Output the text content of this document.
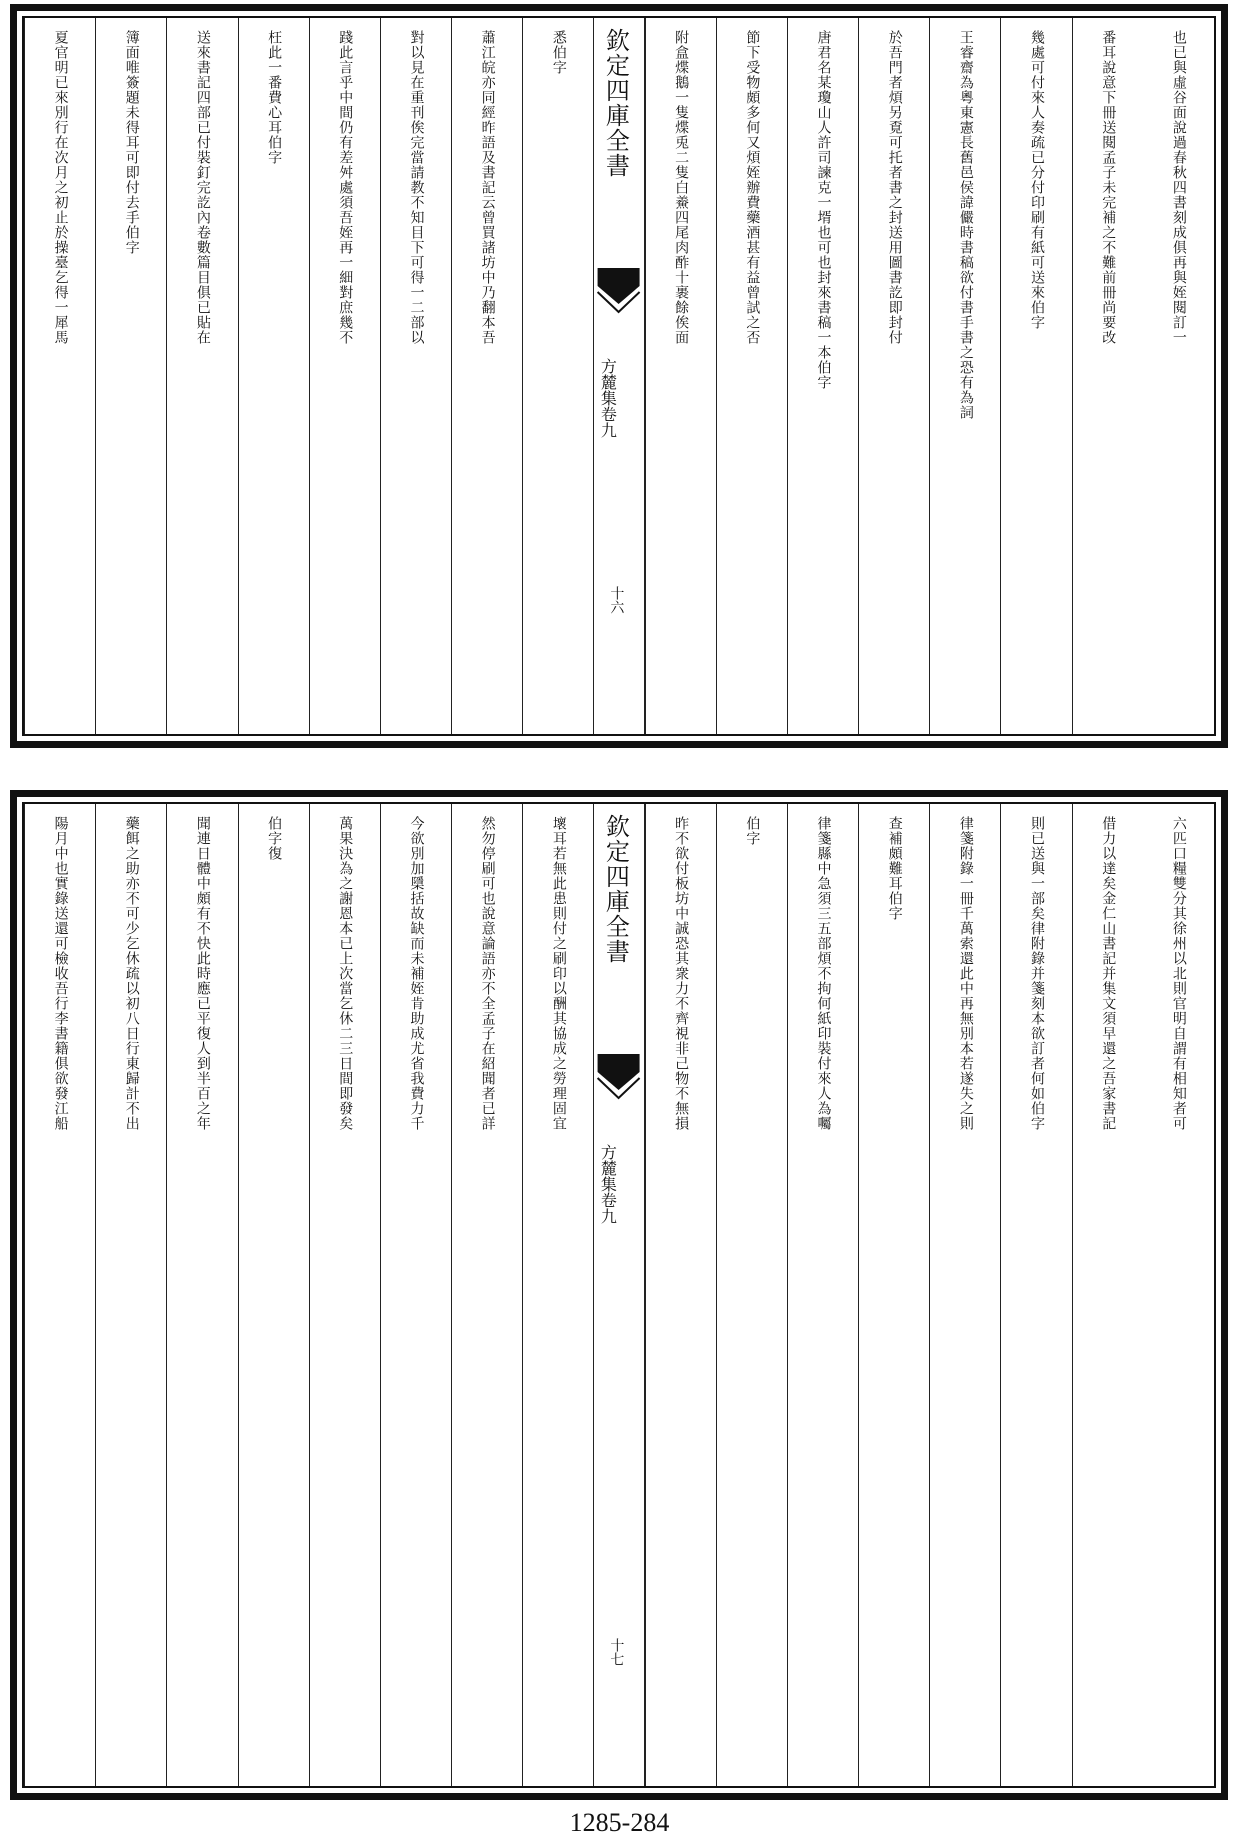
也已與虛谷面說過春秋四書刻成俱再與姪閱訂一
番耳說意下冊送閱孟子未完補之不難前冊尚要改
幾處可付來人奏疏已分付印刷有紙可送來伯字
王睿齋為粵東憲長舊邑侯諱儼時書稿欲付書手書之恐有為詞
於吾門者煩另覔可托者書之封送用圖書訖即封付
唐君名某瓊山人許司諫克一壻也可也封來書稿一本伯字
節下受物頗多何又煩姪辦費藥酒甚有益曾試之否
附盒煠鵝一隻煠兎二隻白鯗四尾肉酢十裹餘俟面
欽定四庫全書
方麓集卷九
十六
悉伯字
蕭江皖亦同經昨語及書記云曾買諸坊中乃翻本吾
對以見在重刊俟完當請教不知目下可得一二部以
踐此言乎中間仍有差舛處須吾姪再一細對庶幾不
枉此一番費心耳伯字
送來書記四部已付裝釘完訖內卷數篇目俱已貼在
簿面唯簽題未得耳可即付去手伯字
夏官明已來別行在次月之初止於操臺乞得一犀馬
六匹口糧雙分其徐州以北則官明自謂有相知者可
借力以達矣金仁山書記并集文須早還之吾家書記
則已送與一部矣律附錄并箋刻本欲訂者何如伯字
律箋附錄一冊千萬索還此中再無別本若遂失之則
查補頗難耳伯字
律箋縣中急須三五部煩不拘何紙印裝付來人為囑
伯字
昨不欲付板坊中誠恐其衆力不齊視非己物不無損
欽定四庫全書
方麓集卷九
十七
壞耳若無此患則付之刷印以酬其協成之勞理固宜
然勿停刷可也說意論語亦不全孟子在紹聞者已詳
今欲別加檃括故缺而未補姪肯助成尤省我費力千
萬果決為之謝恩本已上次當乞休二三日間即發矣
伯字復
聞連日體中頗有不快此時應已平復人到半百之年
藥餌之助亦不可少乞休疏以初八日行東歸計不出
陽月中也實錄送還可檢收吾行李書籍俱欲發江船
1285-284
